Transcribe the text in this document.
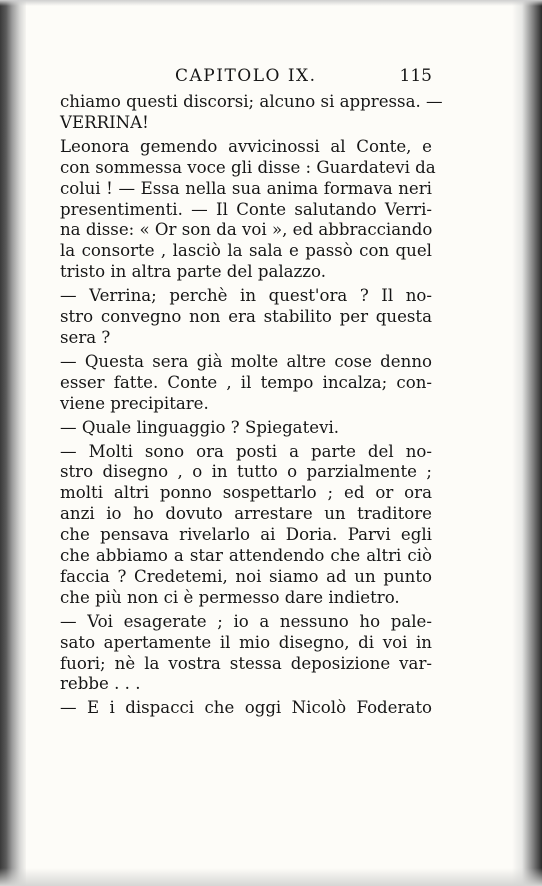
CAPITOLO IX.	115
chiamo questi discorsi; alcuno si appressa. —
VERRINA!
Leonora gemendo avvicinossi al Conte, e
con sommessa voce gli disse : Guardatevi da
colui ! — Essa nella sua anima formava neri
presentimenti. — Il Conte salutando Verri-
na disse: « Or son da voi », ed abbracciando
la consorte , lasciò la sala e passò con quel
tristo in altra parte del palazzo.
— Verrina; perchè in quest'ora ? Il no-
stro convegno non era stabilito per questa
sera ?
— Questa sera già molte altre cose denno
esser fatte. Conte , il tempo incalza; con-
viene precipitare.
— Quale linguaggio ? Spiegatevi.
— Molti sono ora posti a parte del no-
stro disegno , o in tutto o parzialmente ;
molti altri ponno sospettarlo ; ed or ora
anzi io ho dovuto arrestare un traditore
che pensava rivelarlo ai Doria. Parvi egli
che abbiamo a star attendendo che altri ciò
faccia ? Credetemi, noi siamo ad un punto
che più non ci è permesso dare indietro.
— Voi esagerate ; io a nessuno ho pale-
sato apertamente il mio disegno, di voi in
fuori; nè la vostra stessa deposizione var-
rebbe . . .
— E i dispacci che oggi Nicolò Foderato
